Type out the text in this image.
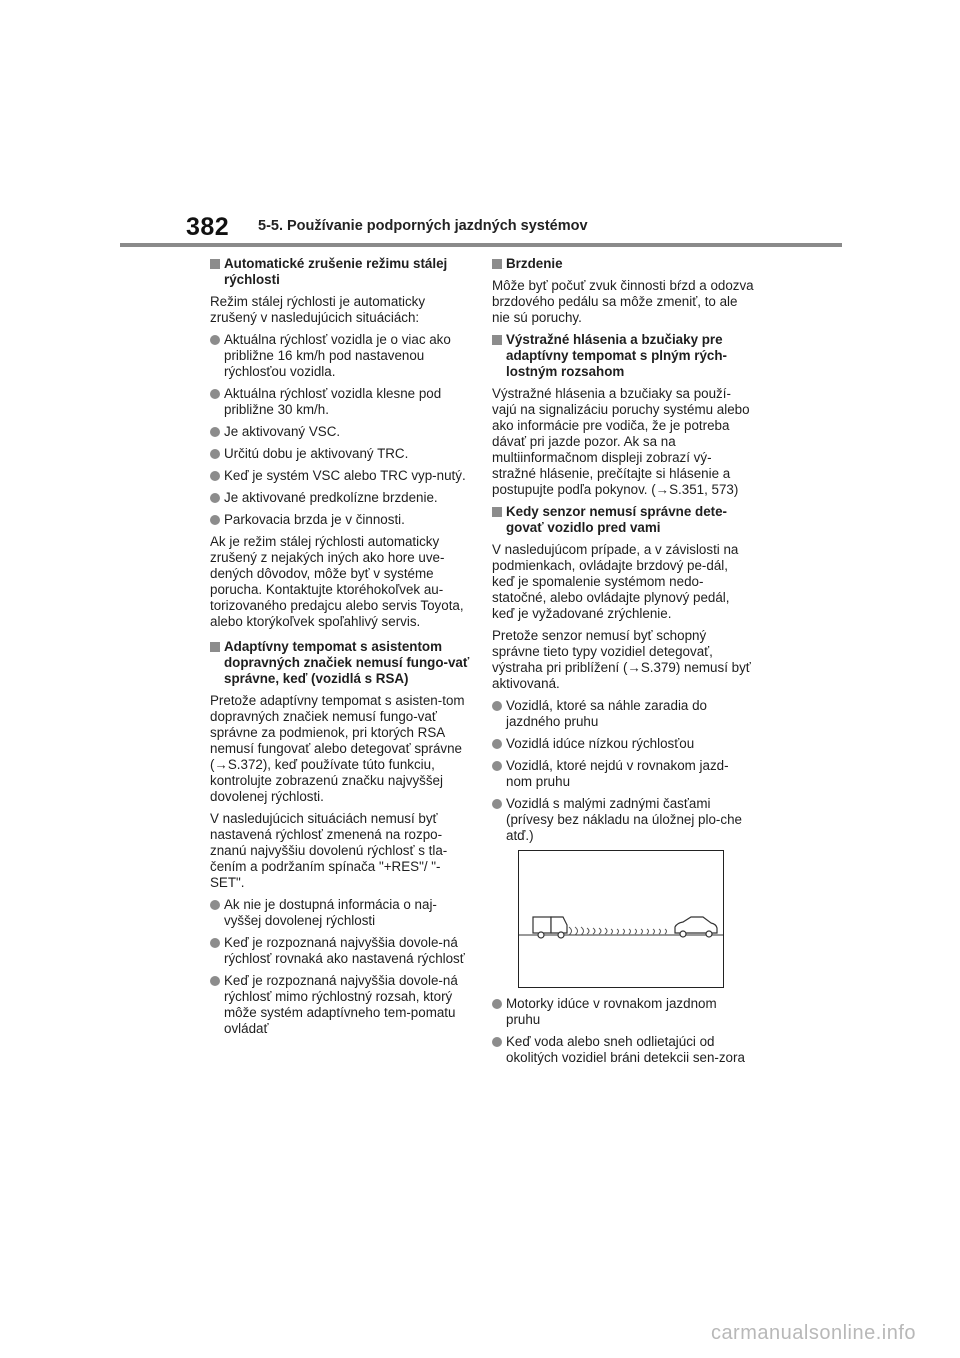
382 5-5. Používanie podporných jazdných systémov
Automatické zrušenie režimu stálej rýchlosti

Režim stálej rýchlosti je automaticky zrušený v nasledujúcich situáciách:

Aktuálna rýchlosť vozidla je o viac ako približne 16 km/h pod nastavenou rýchlosťou vozidla.
Aktuálna rýchlosť vozidla klesne pod približne 30 km/h.
Je aktivovaný VSC.
Určitú dobu je aktivovaný TRC.
Keď je systém VSC alebo TRC vyp-nutý.
Je aktivované predkolízne brzdenie.
Parkovacia brzda je v činnosti.

Ak je režim stálej rýchlosti automaticky zrušený z nejakých iných ako hore uve-dených dôvodov, môže byť v systéme porucha. Kontaktujte ktoréhokoľvek au-torizovaného predajcu alebo servis Toyota, alebo ktorýkoľvek spoľahlivý servis.

Adaptívny tempomat s asistentom dopravných značiek nemusí fungo-vať správne, keď (vozidlá s RSA)

Pretože adaptívny tempomat s asisten-tom dopravných značiek nemusí fungo-vať správne za podmienok, pri ktorých RSA nemusí fungovať alebo detegovať správne (→S.372), keď používate túto funkciu, kontrolujte zobrazenú značku najvyššej dovolenej rýchlosti.

V nasledujúcich situáciách nemusí byť nastavená rýchlosť zmenená na rozpo-znanú najvyššiu dovolenú rýchlosť s tla-čením a podržaním spínača "+RES"/ "-SET".

Ak nie je dostupná informácia o naj-vyššej dovolenej rýchlosti
Keď je rozpoznaná najvyššia dovole-ná rýchlosť rovnaká ako nastavená rýchlosť
Keď je rozpoznaná najvyššia dovole-ná rýchlosť mimo rýchlostný rozsah, ktorý môže systém adaptívneho tem-pomatu ovládať
Brzdenie

Môže byť počuť zvuk činnosti bŕzd a odozva brzdového pedálu sa môže zmeniť, to ale nie sú poruchy.

Výstražné hlásenia a bzučiaky pre adaptívny tempomat s plným rých-lostným rozsahom

Výstražné hlásenia a bzučiaky sa použí-vajú na signalizáciu poruchy systému alebo ako informácie pre vodiča, že je potreba dávať pri jazde pozor. Ak sa na multiinformačnom displeji zobrazí vý-stražné hlásenie, prečítajte si hlásenie a postupujte podľa pokynov. (→S.351, 573)

Kedy senzor nemusí správne dete-govať vozidlo pred vami

V nasledujúcom prípade, a v závislosti na podmienkach, ovládajte brzdový pe-dál, keď je spomalenie systémom nedo-statočné, alebo ovládajte plynový pedál, keď je vyžadované zrýchlenie.

Pretože senzor nemusí byť schopný správne tieto typy vozidiel detegovať, výstraha pri priblížení (→S.379) nemusí byť aktivovaná.

Vozidlá, ktoré sa náhle zaradia do jazdného pruhu
Vozidlá idúce nízkou rýchlosťou
Vozidlá, ktoré nejdú v rovnakom jazd-nom pruhu
Vozidlá s malými zadnými časťami (prívesy bez nákladu na úložnej plo-che atď.)
Motorky idúce v rovnakom jazdnom pruhu
Keď voda alebo sneh odlietajúci od okolitých vozidiel bráni detekcii sen-zora
carmanualsonline.info
